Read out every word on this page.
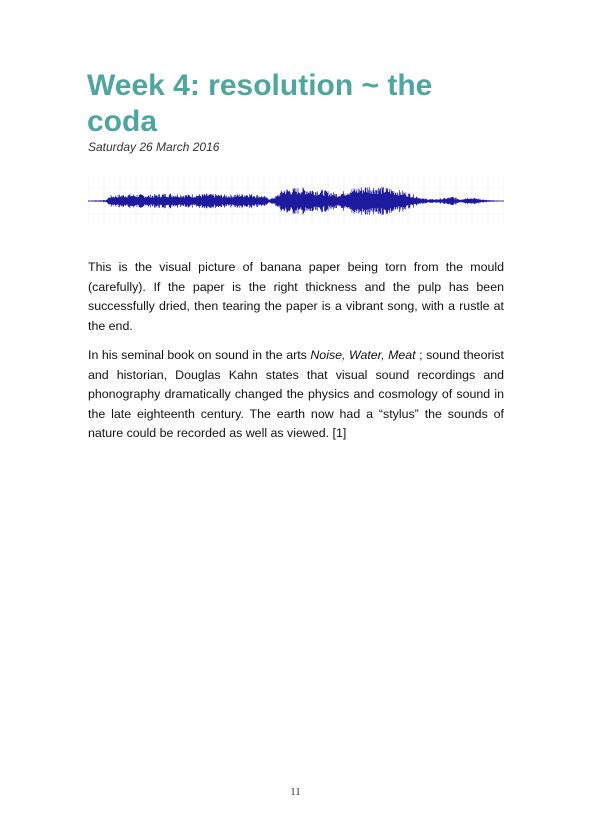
Week 4: resolution ~ the coda
Saturday 26 March 2016

This is the visual picture of banana paper being torn from the mould (carefully). If the paper is the right thickness and the pulp has been successfully dried, then tearing the paper is a vibrant song, with a rustle at the end.

In his seminal book on sound in the arts Noise, Water, Meat ; sound theorist and historian, Douglas Kahn states that visual sound recordings and phonography dramatically changed the physics and cosmology of sound in the late eighteenth century. The earth now had a “stylus” the sounds of nature could be recorded as well as viewed. [1]

11
